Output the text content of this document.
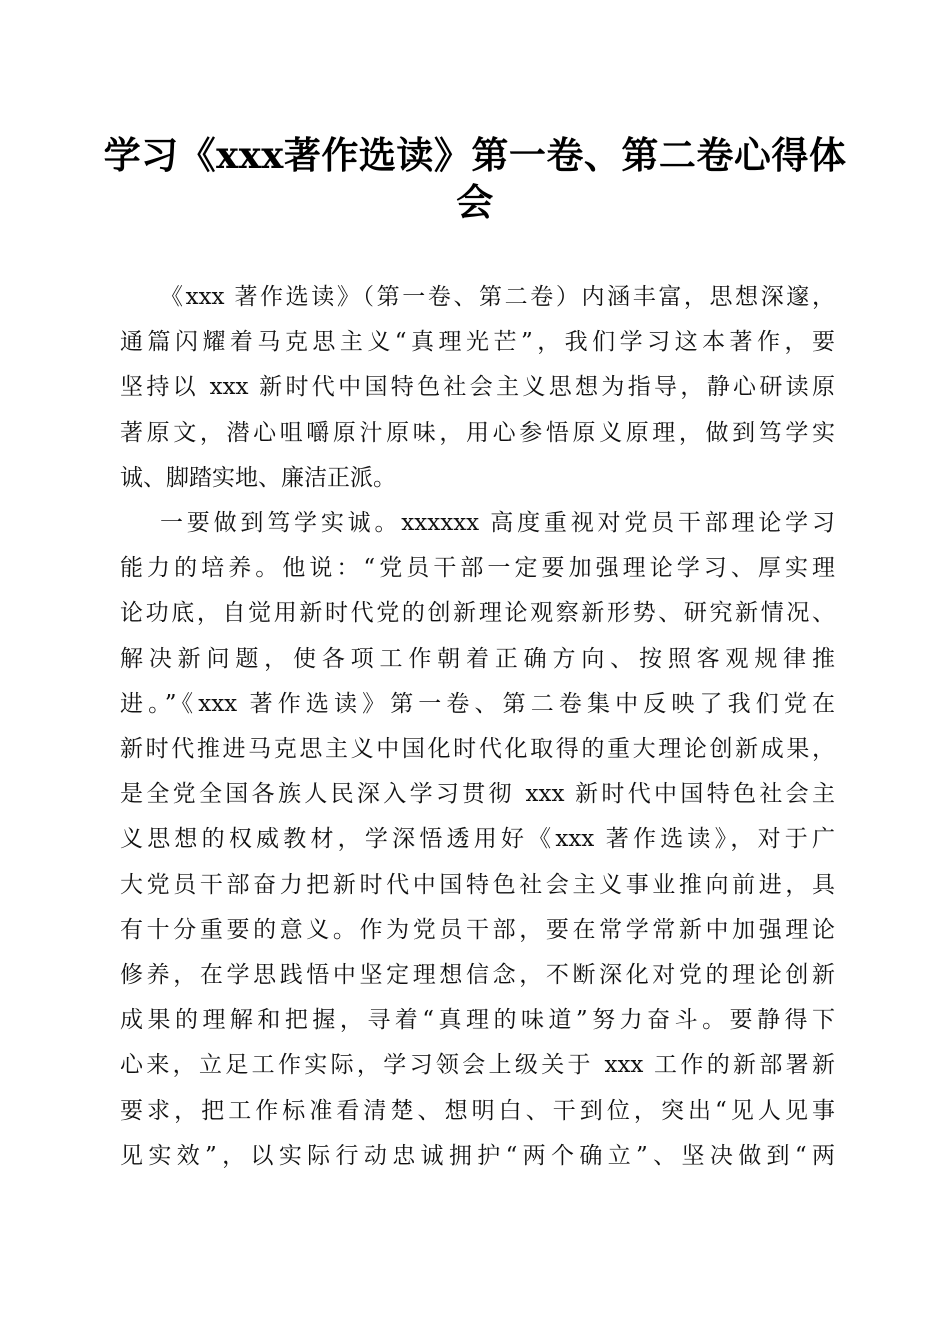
学习《xxx著作选读》第一卷、第二卷心得体
会
《xxx 著作选读》（第一卷、第二卷）内涵丰富，思想深邃，
通篇闪耀着马克思主义“真理光芒”，我们学习这本著作，要
坚持以 xxx 新时代中国特色社会主义思想为指导，静心研读原
著原文，潜心咀嚼原汁原味，用心参悟原义原理，做到笃学实
诚、脚踏实地、廉洁正派。
一要做到笃学实诚。xxxxxx 高度重视对党员干部理论学习
能力的培养。他说：“党员干部一定要加强理论学习、厚实理
论功底，自觉用新时代党的创新理论观察新形势、研究新情况、
解决新问题，使各项工作朝着正确方向、按照客观规律推
进。”《xxx 著作选读》第一卷、第二卷集中反映了我们党在
新时代推进马克思主义中国化时代化取得的重大理论创新成果，
是全党全国各族人民深入学习贯彻 xxx 新时代中国特色社会主
义思想的权威教材，学深悟透用好《xxx 著作选读》，对于广
大党员干部奋力把新时代中国特色社会主义事业推向前进，具
有十分重要的意义。作为党员干部，要在常学常新中加强理论
修养，在学思践悟中坚定理想信念，不断深化对党的理论创新
成果的理解和把握，寻着“真理的味道”努力奋斗。要静得下
心来，立足工作实际，学习领会上级关于 xxx 工作的新部署新
要求，把工作标准看清楚、想明白、干到位，突出“见人见事
见实效”，以实际行动忠诚拥护“两个确立”、坚决做到“两
